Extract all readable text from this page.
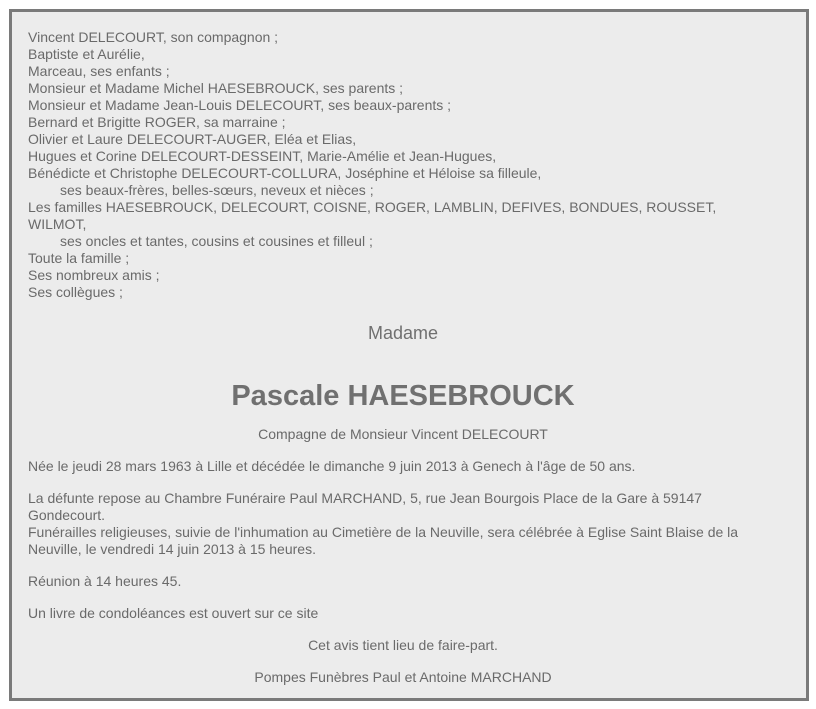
Vincent DELECOURT, son compagnon ;
Baptiste et Aurélie,
Marceau, ses enfants ;
Monsieur et Madame Michel HAESEBROUCK, ses parents ;
Monsieur et Madame Jean-Louis DELECOURT, ses beaux-parents ;
Bernard et Brigitte ROGER, sa marraine ;
Olivier et Laure DELECOURT-AUGER, Eléa et Elias,
Hugues et Corine DELECOURT-DESSEINT, Marie-Amélie et Jean-Hugues,
Bénédicte et Christophe DELECOURT-COLLURA, Joséphine et Héloise sa filleule,
ses beaux-frères, belles-sœurs, neveux et nièces ;
Les familles HAESEBROUCK, DELECOURT, COISNE, ROGER, LAMBLIN, DEFIVES, BONDUES, ROUSSET, WILMOT,
ses oncles et tantes, cousins et cousines et filleul ;
Toute la famille ;
Ses nombreux amis ;
Ses collègues ;
Madame
Pascale HAESEBROUCK
Compagne de Monsieur Vincent DELECOURT
Née le jeudi 28 mars 1963 à Lille et décédée le dimanche 9 juin 2013 à Genech à l'âge de 50 ans.
La défunte repose au Chambre Funéraire Paul MARCHAND, 5, rue Jean Bourgois Place de la Gare à 59147 Gondecourt.
Funérailles religieuses, suivie de l'inhumation au Cimetière de la Neuville, sera célébrée à Eglise Saint Blaise de la Neuville, le vendredi 14 juin 2013 à 15 heures.
Réunion à 14 heures 45.
Un livre de condoléances est ouvert sur ce site
Cet avis tient lieu de faire-part.
Pompes Funèbres Paul et Antoine MARCHAND
